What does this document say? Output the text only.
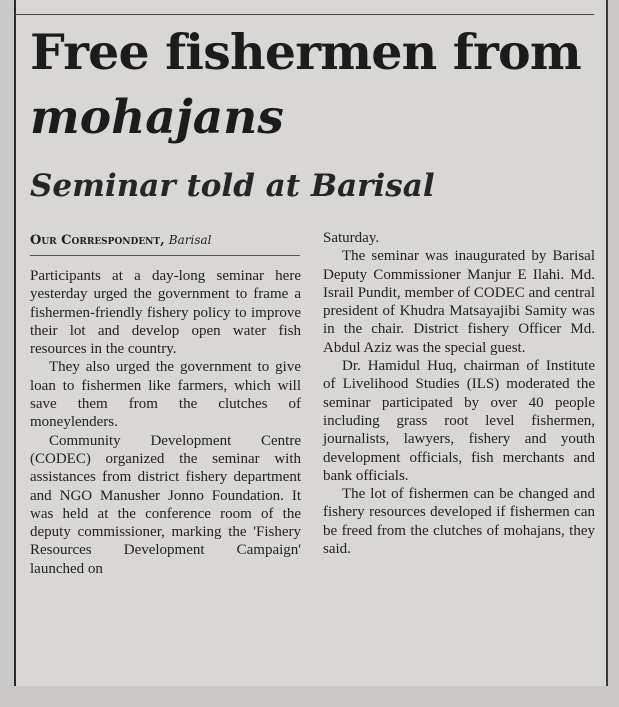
Free fishermen from
mohajans
Seminar told at Barisal
Our Correspondent, Barisal

Participants at a day-long seminar here yesterday urged the government to frame a fishermen-friendly fishery policy to improve their lot and develop open water fish resources in the country.

They also urged the government to give loan to fishermen like farmers, which will save them from the clutches of moneylenders.

Community Development Centre (CODEC) organized the seminar with assistances from district fishery department and NGO Manusher Jonno Foundation. It was held at the conference room of the deputy commissioner, marking the 'Fishery Resources Development Campaign' launched on

Saturday.

The seminar was inaugurated by Barisal Deputy Commissioner Manjur E Ilahi. Md. Israil Pundit, member of CODEC and central president of Khudra Matsayajibi Samity was in the chair. District fishery Officer Md. Abdul Aziz was the special guest.

Dr. Hamidul Huq, chairman of Institute of Livelihood Studies (ILS) moderated the seminar participated by over 40 people including grass root level fishermen, journalists, lawyers, fishery and youth development officials, fish merchants and bank officials.

The lot of fishermen can be changed and fishery resources developed if fishermen can be freed from the clutches of mohajans, they said.
